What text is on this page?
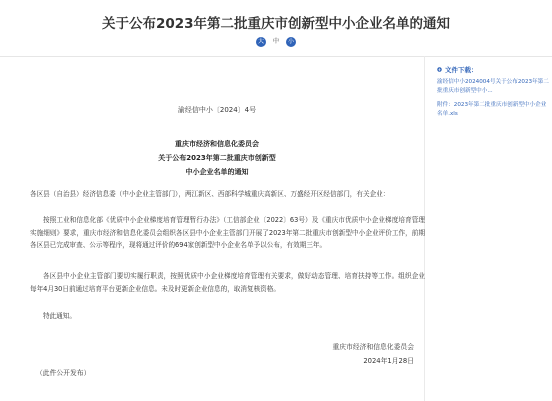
关于公布2023年第二批重庆市创新型中小企业名单的通知
大	中	小
渝经信中小〔2024〕4号
重庆市经济和信息化委员会
关于公布2023年第二批重庆市创新型
中小企业名单的通知

各区县（自治县）经济信息委（中小企业主管部门），两江新区、西部科学城重庆高新区、万盛经开区经信部门，有关企业：

按照工业和信息化部《优质中小企业梯度培育管理暂行办法》（工信部企业〔2022〕63号）及《重庆市优质中小企业梯度培育管理实施细则》要求，重庆市经济和信息化委员会组织各区县中小企业主管部门开展了2023年第二批重庆市创新型中小企业评价工作，前期各区县已完成审查、公示等程序，现将通过评价的694家创新型中小企业名单予以公布，有效期三年。

各区县中小企业主管部门要切实履行职责，按照优质中小企业梯度培育管理有关要求，做好动态管理、培育扶持等工作。组织企业每年4月30日前通过培育平台更新企业信息。未及时更新企业信息的，取消复核资格。

特此通知。

重庆市经济和信息化委员会
2024年1月28日
（此件公开发布）
文件下载：
渝经信中小2024004号关于公布2023年第二批重庆市创新型中小...
附件：2023年第二批重庆市创新型中小企业名单.xls
